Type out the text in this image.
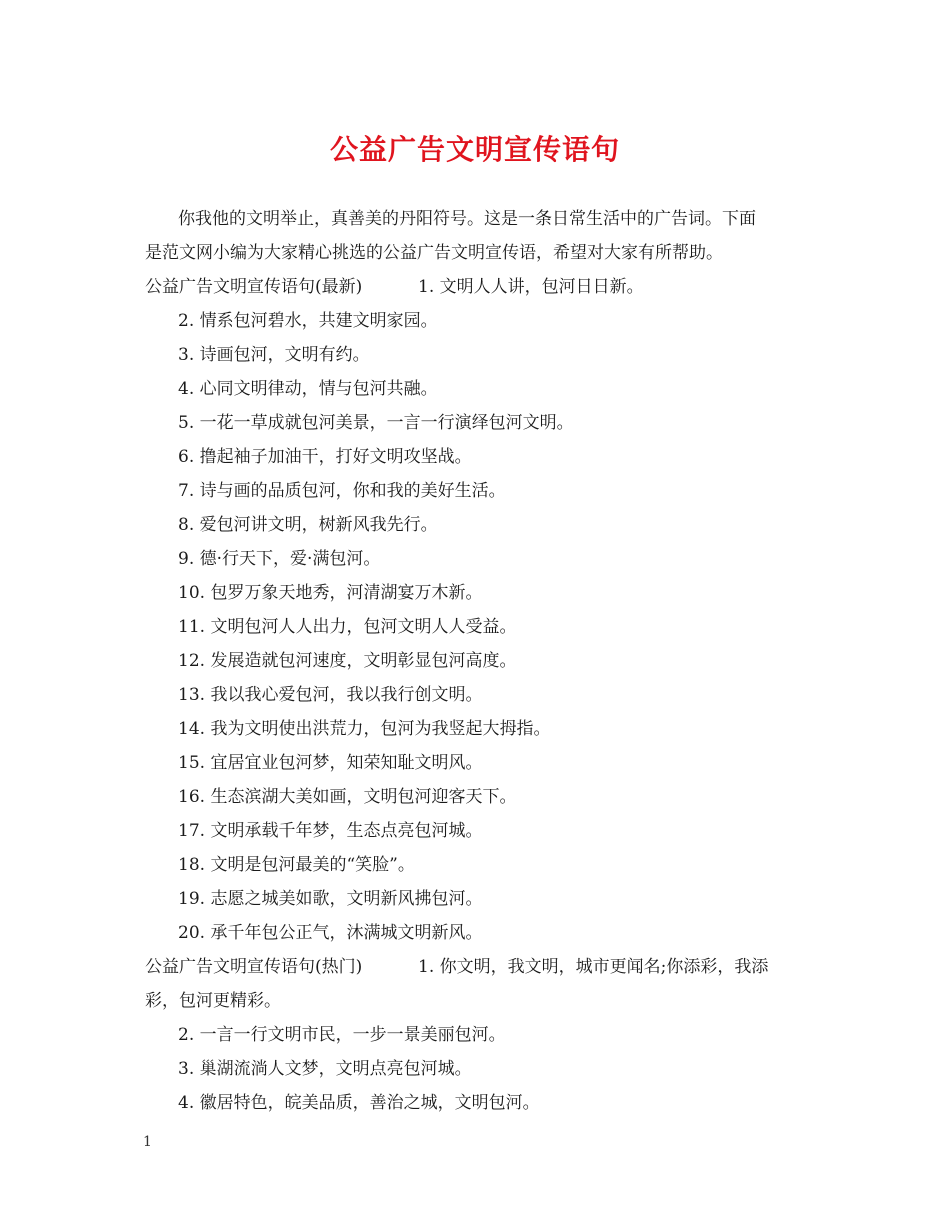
公益广告文明宣传语句
你我他的文明举止，真善美的丹阳符号。这是一条日常生活中的广告词。下面
是范文网小编为大家精心挑选的公益广告文明宣传语，希望对大家有所帮助。
公益广告文明宣传语句(最新)	1. 文明人人讲，包河日日新。
2. 情系包河碧水，共建文明家园。
3. 诗画包河，文明有约。
4. 心同文明律动，情与包河共融。
5. 一花一草成就包河美景，一言一行演绎包河文明。
6. 撸起袖子加油干，打好文明攻坚战。
7. 诗与画的品质包河，你和我的美好生活。
8. 爱包河讲文明，树新风我先行。
9. 德·行天下，爱·满包河。
10. 包罗万象天地秀，河清湖宴万木新。
11. 文明包河人人出力，包河文明人人受益。
12. 发展造就包河速度，文明彰显包河高度。
13. 我以我心爱包河，我以我行创文明。
14. 我为文明使出洪荒力，包河为我竖起大拇指。
15. 宜居宜业包河梦，知荣知耻文明风。
16. 生态滨湖大美如画，文明包河迎客天下。
17. 文明承载千年梦，生态点亮包河城。
18. 文明是包河最美的“笑脸”。
19. 志愿之城美如歌，文明新风拂包河。
20. 承千年包公正气，沐满城文明新风。
公益广告文明宣传语句(热门)	1. 你文明，我文明，城市更闻名;你添彩，我添
彩，包河更精彩。
2. 一言一行文明市民，一步一景美丽包河。
3. 巢湖流淌人文梦，文明点亮包河城。
4. 徽居特色，皖美品质，善治之城，文明包河。
1
